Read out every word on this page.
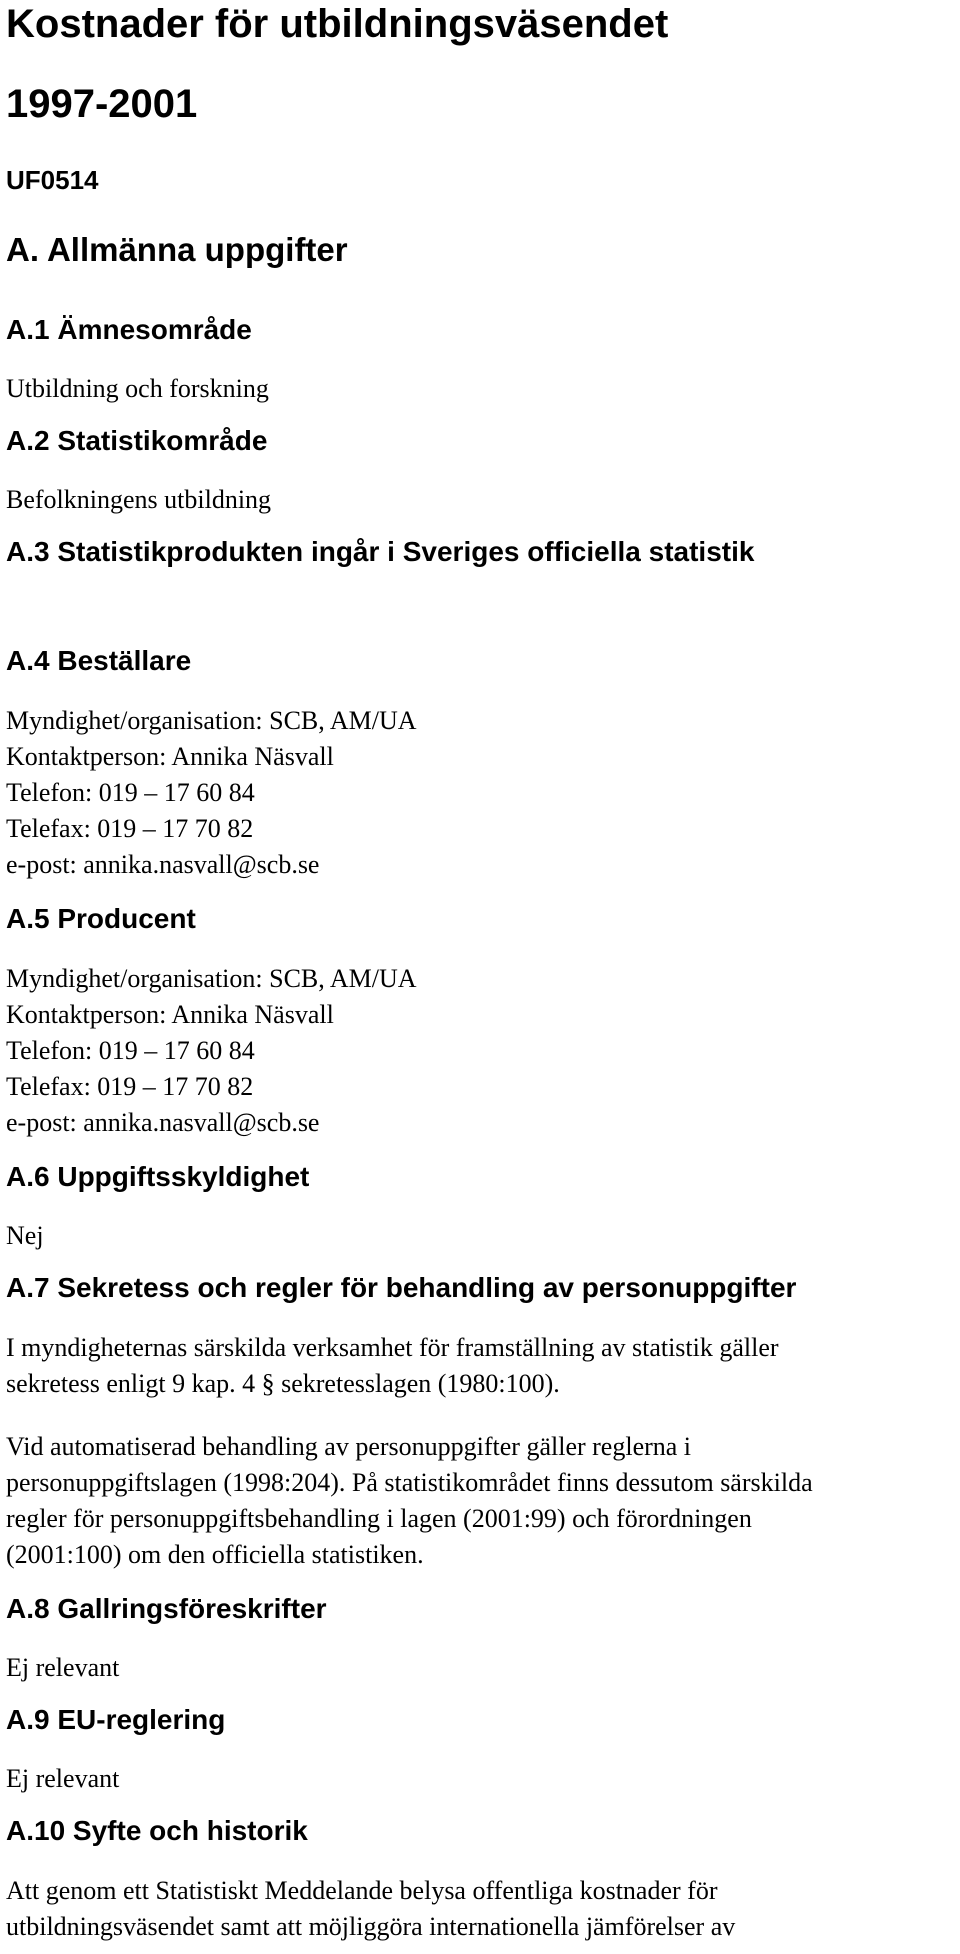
Kostnader för utbildningsväsendet
1997-2001
UF0514
A. Allmänna uppgifter
A.1 Ämnesområde
Utbildning och forskning
A.2 Statistikområde
Befolkningens utbildning
A.3 Statistikprodukten ingår i Sveriges officiella statistik
A.4 Beställare
Myndighet/organisation: SCB, AM/UA
Kontaktperson: Annika Näsvall
Telefon: 019 – 17 60 84
Telefax: 019 – 17 70 82
e-post: annika.nasvall@scb.se
A.5 Producent
Myndighet/organisation: SCB, AM/UA
Kontaktperson: Annika Näsvall
Telefon: 019 – 17 60 84
Telefax: 019 – 17 70 82
e-post: annika.nasvall@scb.se
A.6 Uppgiftsskyldighet
Nej
A.7 Sekretess och regler för behandling av personuppgifter
I myndigheternas särskilda verksamhet för framställning av statistik gäller
sekretess enligt 9 kap. 4 § sekretesslagen (1980:100).
Vid automatiserad behandling av personuppgifter gäller reglerna i
personuppgiftslagen (1998:204). På statistikområdet finns dessutom särskilda
regler för personuppgiftsbehandling i lagen (2001:99) och förordningen
(2001:100) om den officiella statistiken.
A.8 Gallringsföreskrifter
Ej relevant
A.9 EU-reglering
Ej relevant
A.10 Syfte och historik
Att genom ett Statistiskt Meddelande belysa offentliga kostnader för
utbildningsväsendet samt att möjliggöra internationella jämförelser av
